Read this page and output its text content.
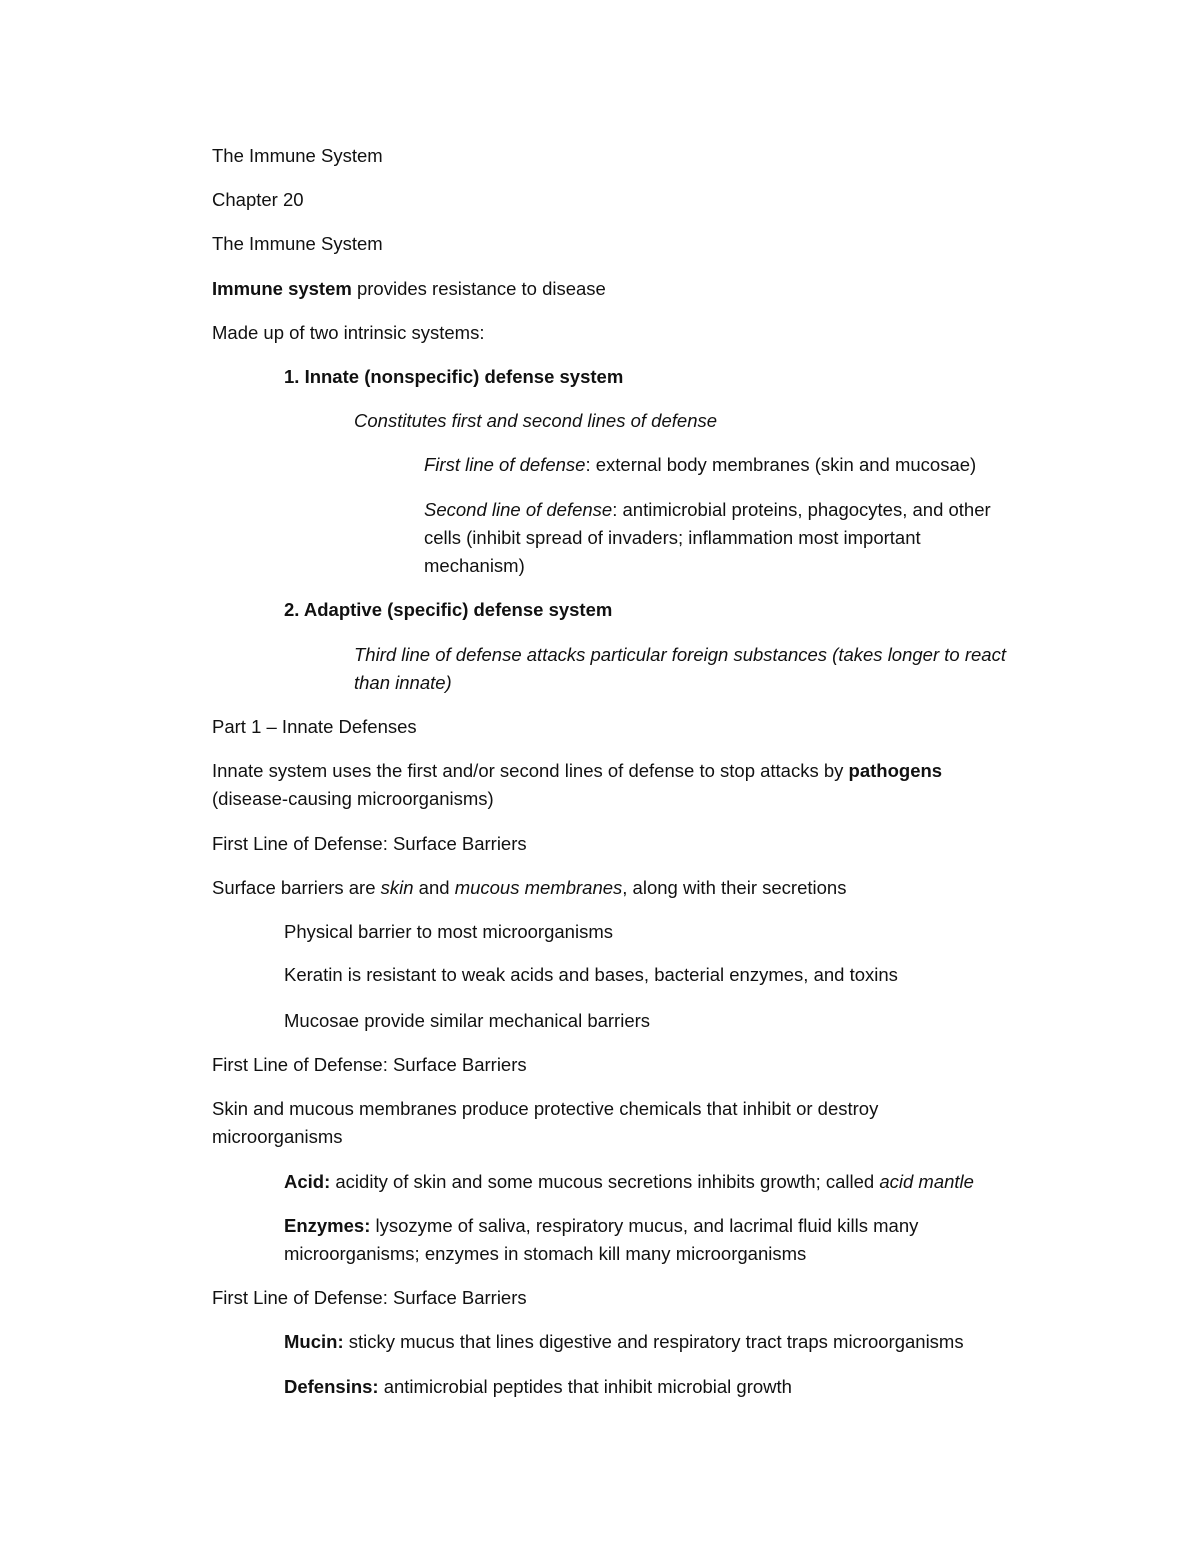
The Immune System
Chapter 20
The Immune System
Immune system provides resistance to disease
Made up of two intrinsic systems:
1. Innate (nonspecific) defense system
Constitutes first and second lines of defense
First line of defense: external body membranes (skin and mucosae)
Second line of defense: antimicrobial proteins, phagocytes, and other
cells (inhibit spread of invaders; inflammation most important
mechanism)
2. Adaptive (specific) defense system
Third line of defense attacks particular foreign substances (takes longer to react
than innate)
Part 1 – Innate Defenses
Innate system uses the first and/or second lines of defense to stop attacks by pathogens
(disease-causing microorganisms)
First Line of Defense: Surface Barriers
Surface barriers are skin and mucous membranes, along with their secretions
Physical barrier to most microorganisms
Keratin is resistant to weak acids and bases, bacterial enzymes, and toxins
Mucosae provide similar mechanical barriers
First Line of Defense: Surface Barriers
Skin and mucous membranes produce protective chemicals that inhibit or destroy
microorganisms
Acid: acidity of skin and some mucous secretions inhibits growth; called acid mantle
Enzymes: lysozyme of saliva, respiratory mucus, and lacrimal fluid kills many
microorganisms; enzymes in stomach kill many microorganisms
First Line of Defense: Surface Barriers
Mucin: sticky mucus that lines digestive and respiratory tract traps microorganisms
Defensins: antimicrobial peptides that inhibit microbial growth
